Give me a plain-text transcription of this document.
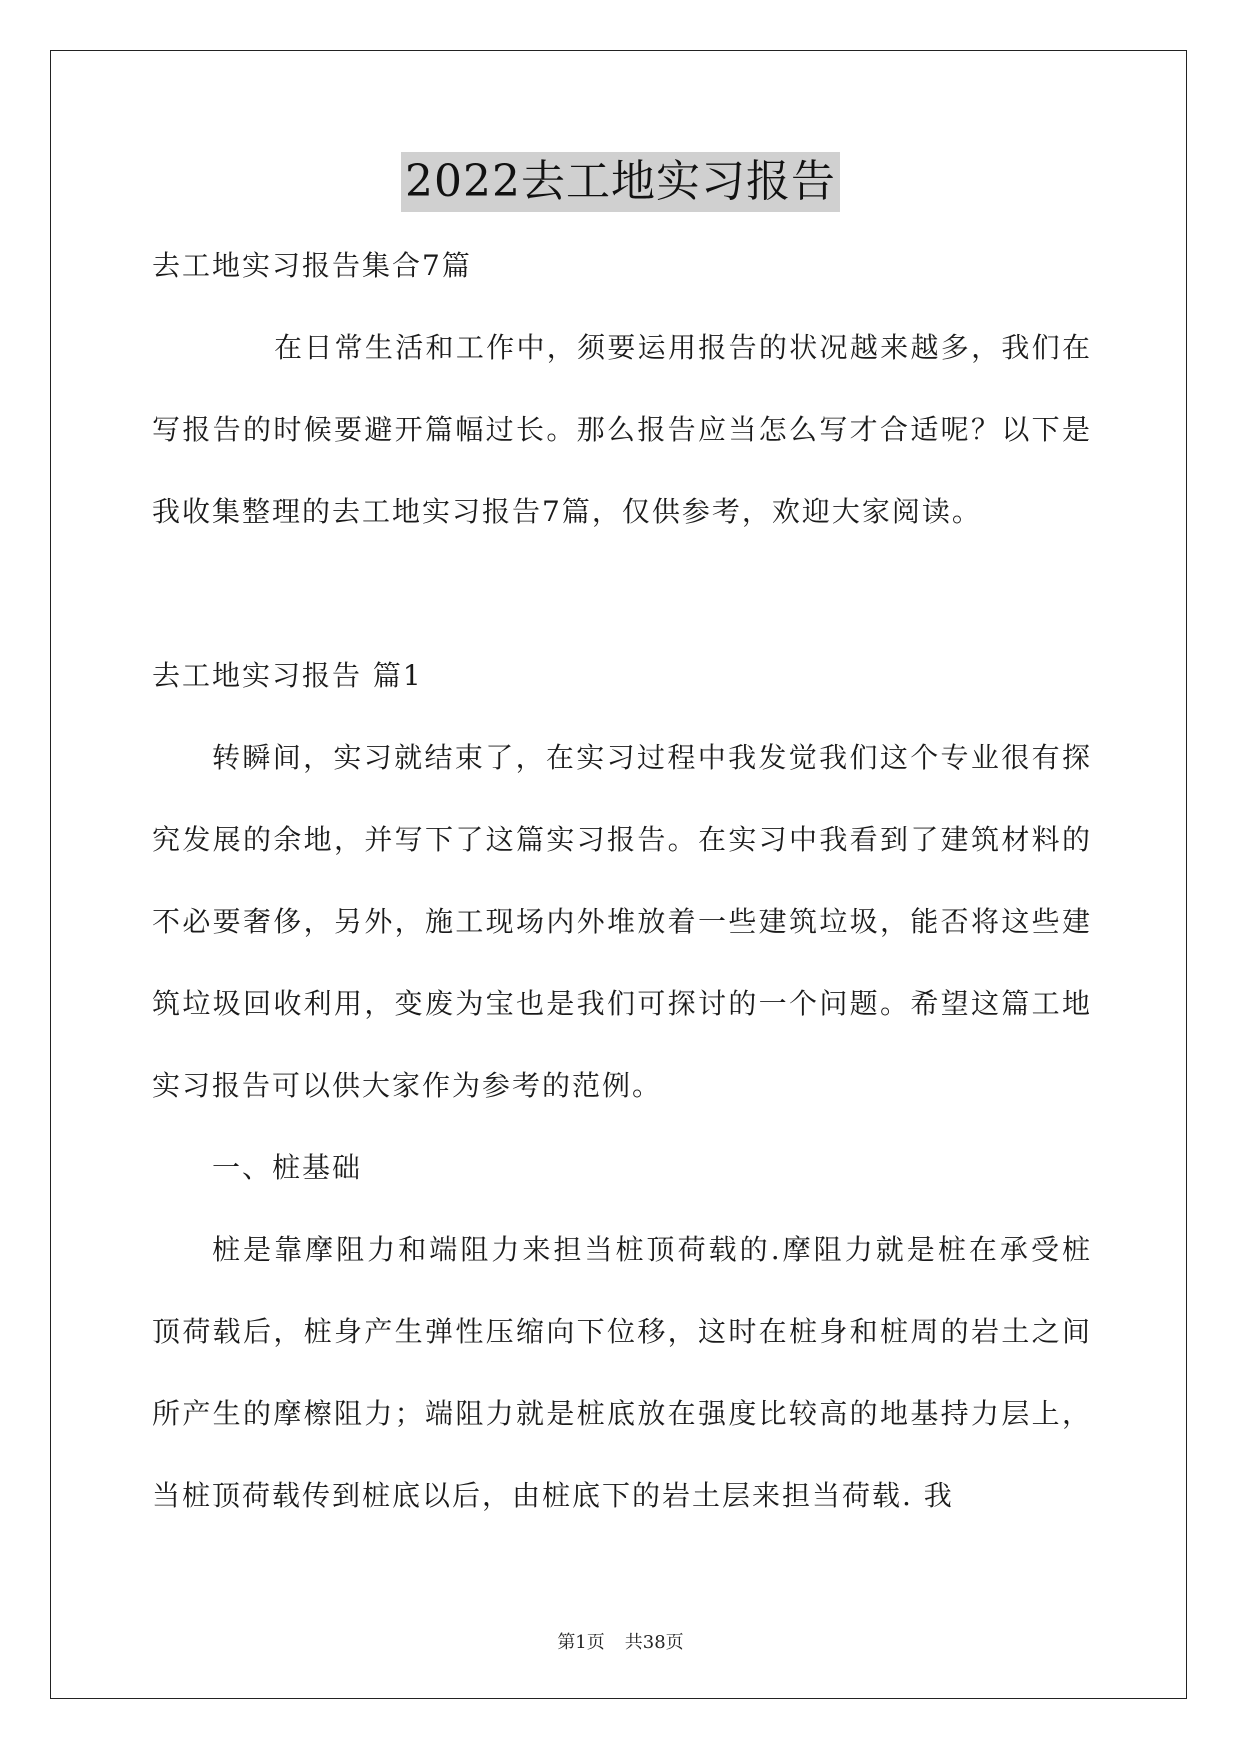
2022去工地实习报告

去工地实习报告集合7篇

在日常生活和工作中，须要运用报告的状况越来越多，我们在写报告的时候要避开篇幅过长。那么报告应当怎么写才合适呢？以下是我收集整理的去工地实习报告7篇，仅供参考，欢迎大家阅读。

去工地实习报告 篇1

转瞬间，实习就结束了，在实习过程中我发觉我们这个专业很有探究发展的余地，并写下了这篇实习报告。在实习中我看到了建筑材料的不必要奢侈，另外，施工现场内外堆放着一些建筑垃圾，能否将这些建筑垃圾回收利用，变废为宝也是我们可探讨的一个问题。希望这篇工地实习报告可以供大家作为参考的范例。

一、桩基础

桩是靠摩阻力和端阻力来担当桩顶荷载的.摩阻力就是桩在承受桩顶荷载后，桩身产生弹性压缩向下位移，这时在桩身和桩周的岩土之间所产生的摩檫阻力；端阻力就是桩底放在强度比较高的地基持力层上，当桩顶荷载传到桩底以后，由桩底下的岩土层来担当荷载. 我

第1页 共38页
